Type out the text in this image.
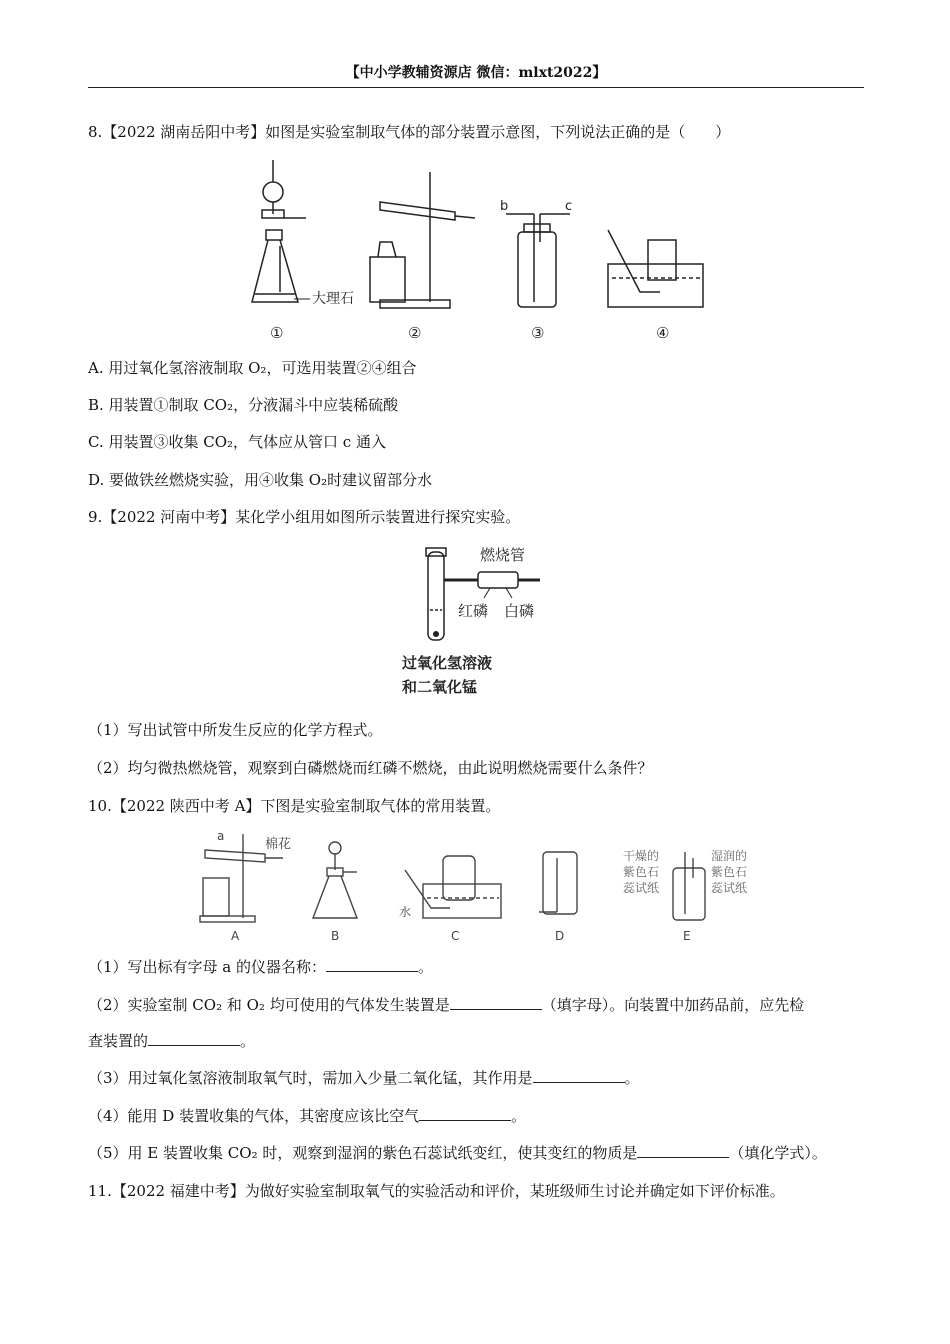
【中小学教辅资源店 微信：mlxt2022】
8.【2022 湖南岳阳中考】如图是实验室制取气体的部分装置示意图，下列说法正确的是（　　）
大理石
b	c
①	②	③	④
A. 用过氧化氢溶液制取 O₂，可选用装置②④组合
B. 用装置①制取 CO₂，分液漏斗中应装稀硫酸
C. 用装置③收集 CO₂，气体应从管口 c 通入
D. 要做铁丝燃烧实验，用④收集 O₂时建议留部分水
9.【2022 河南中考】某化学小组用如图所示装置进行探究实验。
燃烧管
红磷 白磷
过氧化氢溶液
和二氧化锰
（1）写出试管中所发生反应的化学方程式。
（2）均匀微热燃烧管，观察到白磷燃烧而红磷不燃烧，由此说明燃烧需要什么条件？
10.【2022 陕西中考 A】下图是实验室制取气体的常用装置。
a
棉花
水
干燥的
紫色石
蕊试纸
湿润的
紫色石
蕊试纸
A	B	C	D	E
（1）写出标有字母 a 的仪器名称：	。
（2）实验室制 CO₂ 和 O₂ 均可使用的气体发生装置是	（填字母）。向装置中加药品前，应先检
查装置的	。
（3）用过氧化氢溶液制取氧气时，需加入少量二氧化锰，其作用是	。
（4）能用 D 装置收集的气体，其密度应该比空气	。
（5）用 E 装置收集 CO₂ 时，观察到湿润的紫色石蕊试纸变红，使其变红的物质是	（填化学式）。
11.【2022 福建中考】为做好实验室制取氧气的实验活动和评价，某班级师生讨论并确定如下评价标准。
